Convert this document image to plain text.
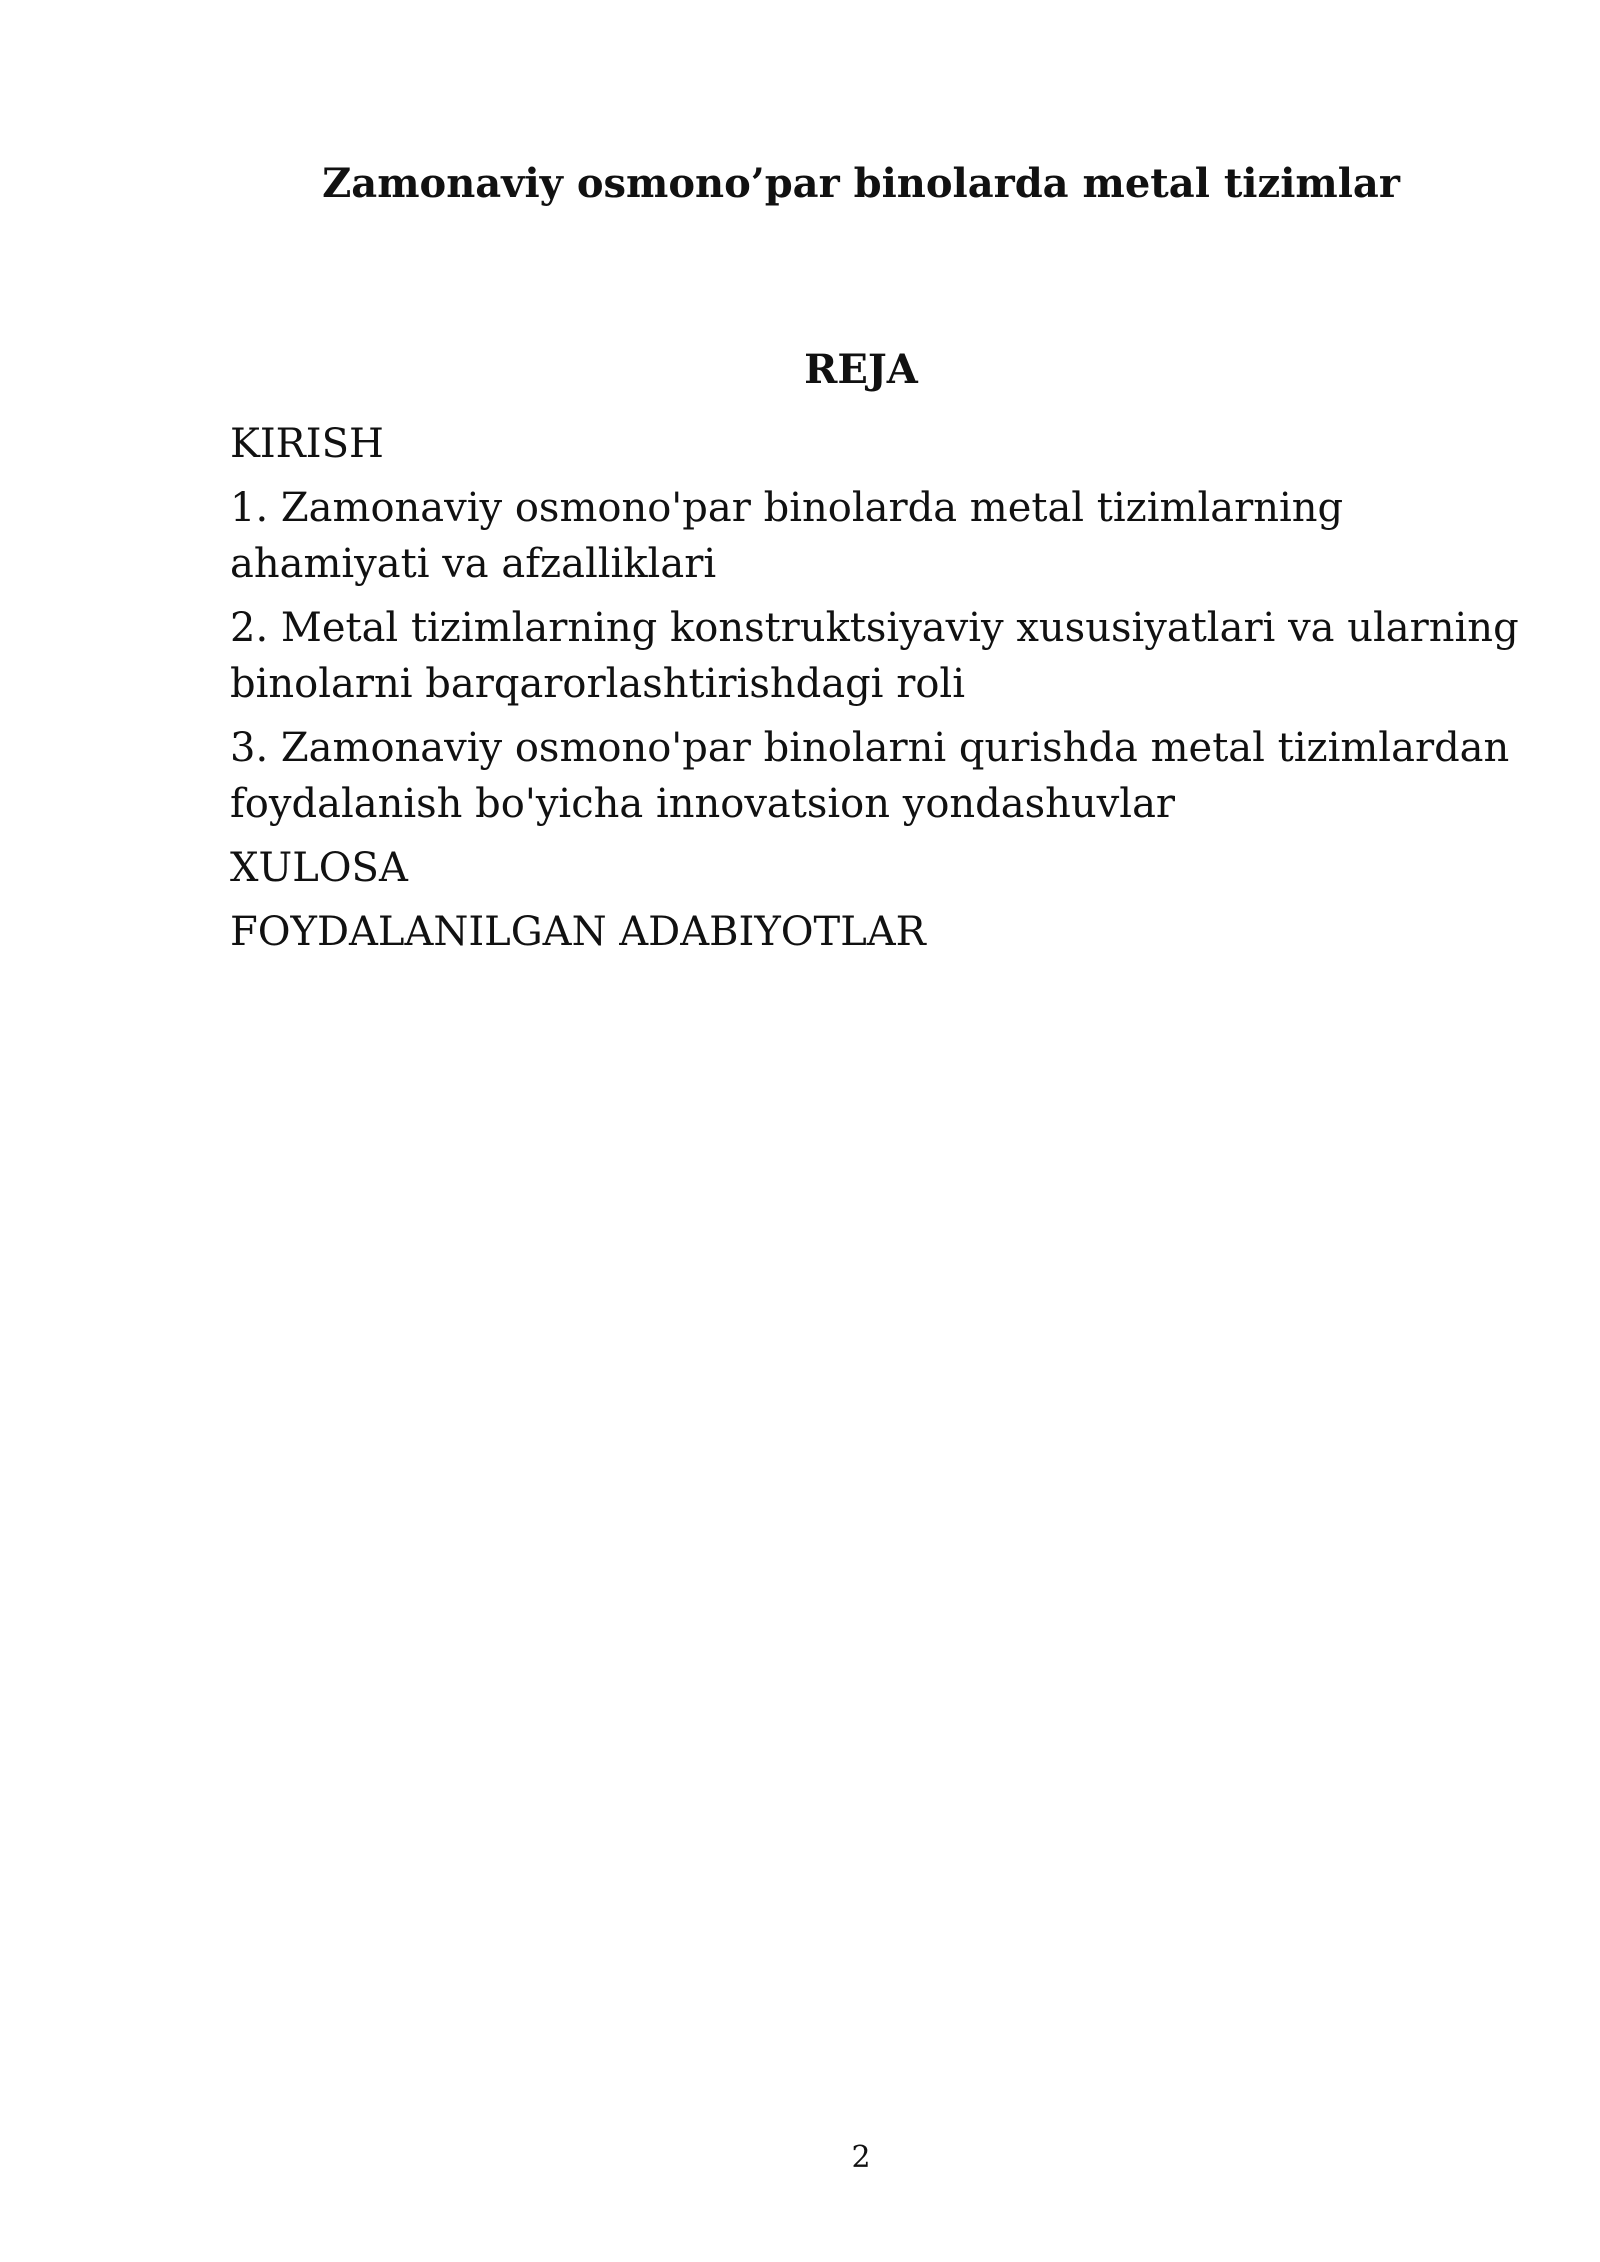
Zamonaviy osmono’par binolarda metal tizimlar
REJA
KIRISH
1. Zamonaviy osmono'par binolarda metal tizimlarning ahamiyati va afzalliklari
2. Metal tizimlarning konstruktsiyaviy xususiyatlari va ularning binolarni barqarorlashtirishdagi roli
3. Zamonaviy osmono'par binolarni qurishda metal tizimlardan foydalanish bo'yicha innovatsion yondashuvlar
XULOSA
FOYDALANILGAN ADABIYOTLAR
2
